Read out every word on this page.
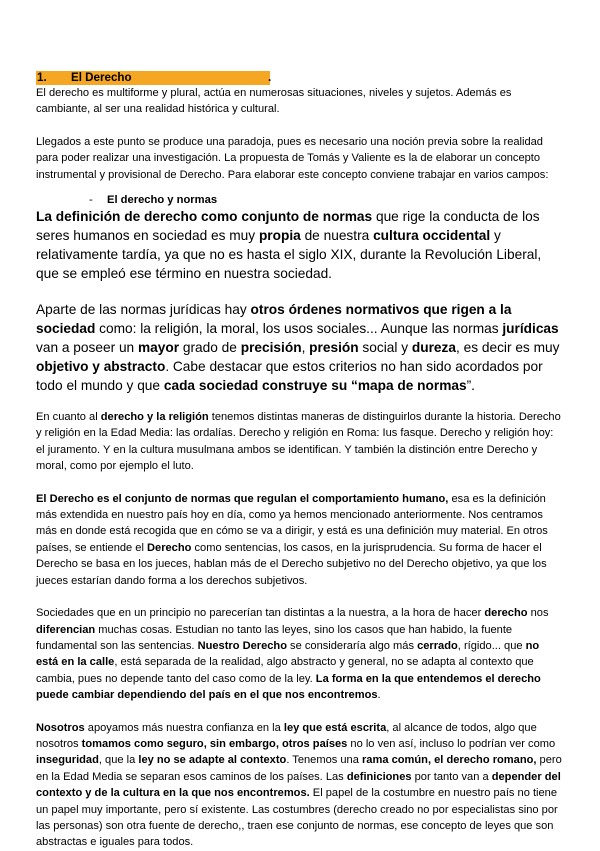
1. El Derecho	.

El derecho es multiforme y plural, actúa en numerosas situaciones, niveles y sujetos. Además es cambiante, al ser una realidad histórica y cultural.

Llegados a este punto se produce una paradoja, pues es necesario una noción previa sobre la realidad para poder realizar una investigación. La propuesta de Tomás y Valiente es la de elaborar un concepto instrumental y provisional de Derecho. Para elaborar este concepto conviene trabajar en varios campos:

- El derecho y normas

La definición de derecho como conjunto de normas que rige la conducta de los seres humanos en sociedad es muy propia de nuestra cultura occidental y relativamente tardía, ya que no es hasta el siglo XIX, durante la Revolución Liberal, que se empleó ese término en nuestra sociedad.

Aparte de las normas jurídicas hay otros órdenes normativos que rigen a la sociedad como: la religión, la moral, los usos sociales... Aunque las normas jurídicas van a poseer un mayor grado de precisión, presión social y dureza, es decir es muy objetivo y abstracto. Cabe destacar que estos criterios no han sido acordados por todo el mundo y que cada sociedad construye su “mapa de normas”.

En cuanto al derecho y la religión tenemos distintas maneras de distinguirlos durante la historia. Derecho y religión en la Edad Media: las ordalías. Derecho y religión en Roma: Ius fasque. Derecho y religión hoy: el juramento. Y en la cultura musulmana ambos se identifican. Y también la distinción entre Derecho y moral, como por ejemplo el luto.

El Derecho es el conjunto de normas que regulan el comportamiento humano, esa es la definición más extendida en nuestro país hoy en día, como ya hemos mencionado anteriormente. Nos centramos más en donde está recogida que en cómo se va a dirigir, y está es una definición muy material. En otros países, se entiende el Derecho como sentencias, los casos, en la jurisprudencia. Su forma de hacer el Derecho se basa en los jueces, hablan más de el Derecho subjetivo no del Derecho objetivo, ya que los jueces estarían dando forma a los derechos subjetivos.

Sociedades que en un principio no parecerían tan distintas a la nuestra, a la hora de hacer derecho nos diferencian muchas cosas. Estudian no tanto las leyes, sino los casos que han habido, la fuente fundamental son las sentencias. Nuestro Derecho se consideraría algo más cerrado, rígido... que no está en la calle, está separada de la realidad, algo abstracto y general, no se adapta al contexto que cambia, pues no depende tanto del caso como de la ley. La forma en la que entendemos el derecho puede cambiar dependiendo del país en el que nos encontremos.

Nosotros apoyamos más nuestra confianza en la ley que está escrita, al alcance de todos, algo que nosotros tomamos como seguro, sin embargo, otros países no lo ven así, incluso lo podrían ver como inseguridad, que la ley no se adapte al contexto. Tenemos una rama común, el derecho romano, pero en la Edad Media se separan esos caminos de los países. Las definiciones por tanto van a depender del contexto y de la cultura en la que nos encontremos. El papel de la costumbre en nuestro país no tiene un papel muy importante, pero sí existente. Las costumbres (derecho creado no por especialistas sino por las personas) son otra fuente de derecho,, traen ese conjunto de normas, ese concepto de leyes que son abstractas e iguales para todos.
